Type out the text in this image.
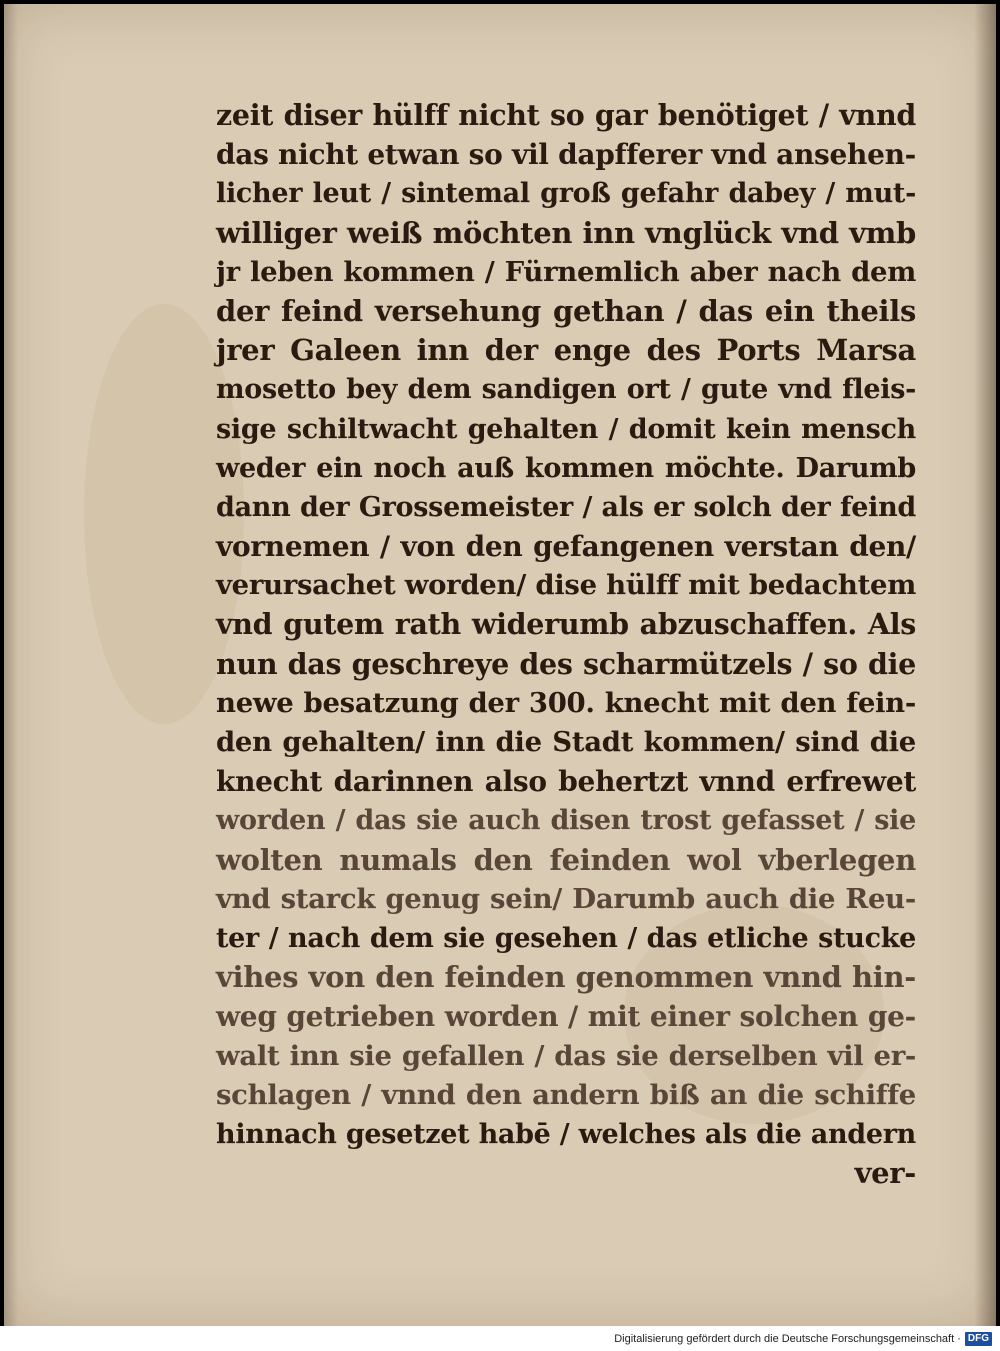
zeit diser hülff nicht so gar benötiget / vnnd
das nicht etwan so vil dapfferer vnd ansehen-
licher leut / sintemal groß gefahr dabey / mut-
williger weiß möchten inn vnglück vnd vmb
jr leben kommen / Fürnemlich aber nach dem
der feind versehung gethan / das ein theils
jrer Galeen inn der enge des Ports Marsa
mosetto bey dem sandigen ort / gute vnd fleis-
sige schiltwacht gehalten / domit kein mensch
weder ein noch auß kommen möchte. Darumb
dann der Grossemeister / als er solch der feind
vornemen / von den gefangenen verstan den/
verursachet worden/ dise hülff mit bedachtem
vnd gutem rath widerumb abzuschaffen. Als
nun das geschreye des scharmützels / so die
newe besatzung der 300. knecht mit den fein-
den gehalten/ inn die Stadt kommen/ sind die
knecht darinnen also behertzt vnnd erfrewet
worden / das sie auch disen trost gefasset / sie
wolten numals den feinden wol vberlegen
vnd starck genug sein/ Darumb auch die Reu-
ter / nach dem sie gesehen / das etliche stucke
vihes von den feinden genommen vnnd hin-
weg getrieben worden / mit einer solchen ge-
walt inn sie gefallen / das sie derselben vil er-
schlagen / vnnd den andern biß an die schiffe
hinnach gesetzet habē / welches als die andern
ver-
Digitalisierung gefördert durch die Deutsche Forschungsgemeinschaft · DFG
